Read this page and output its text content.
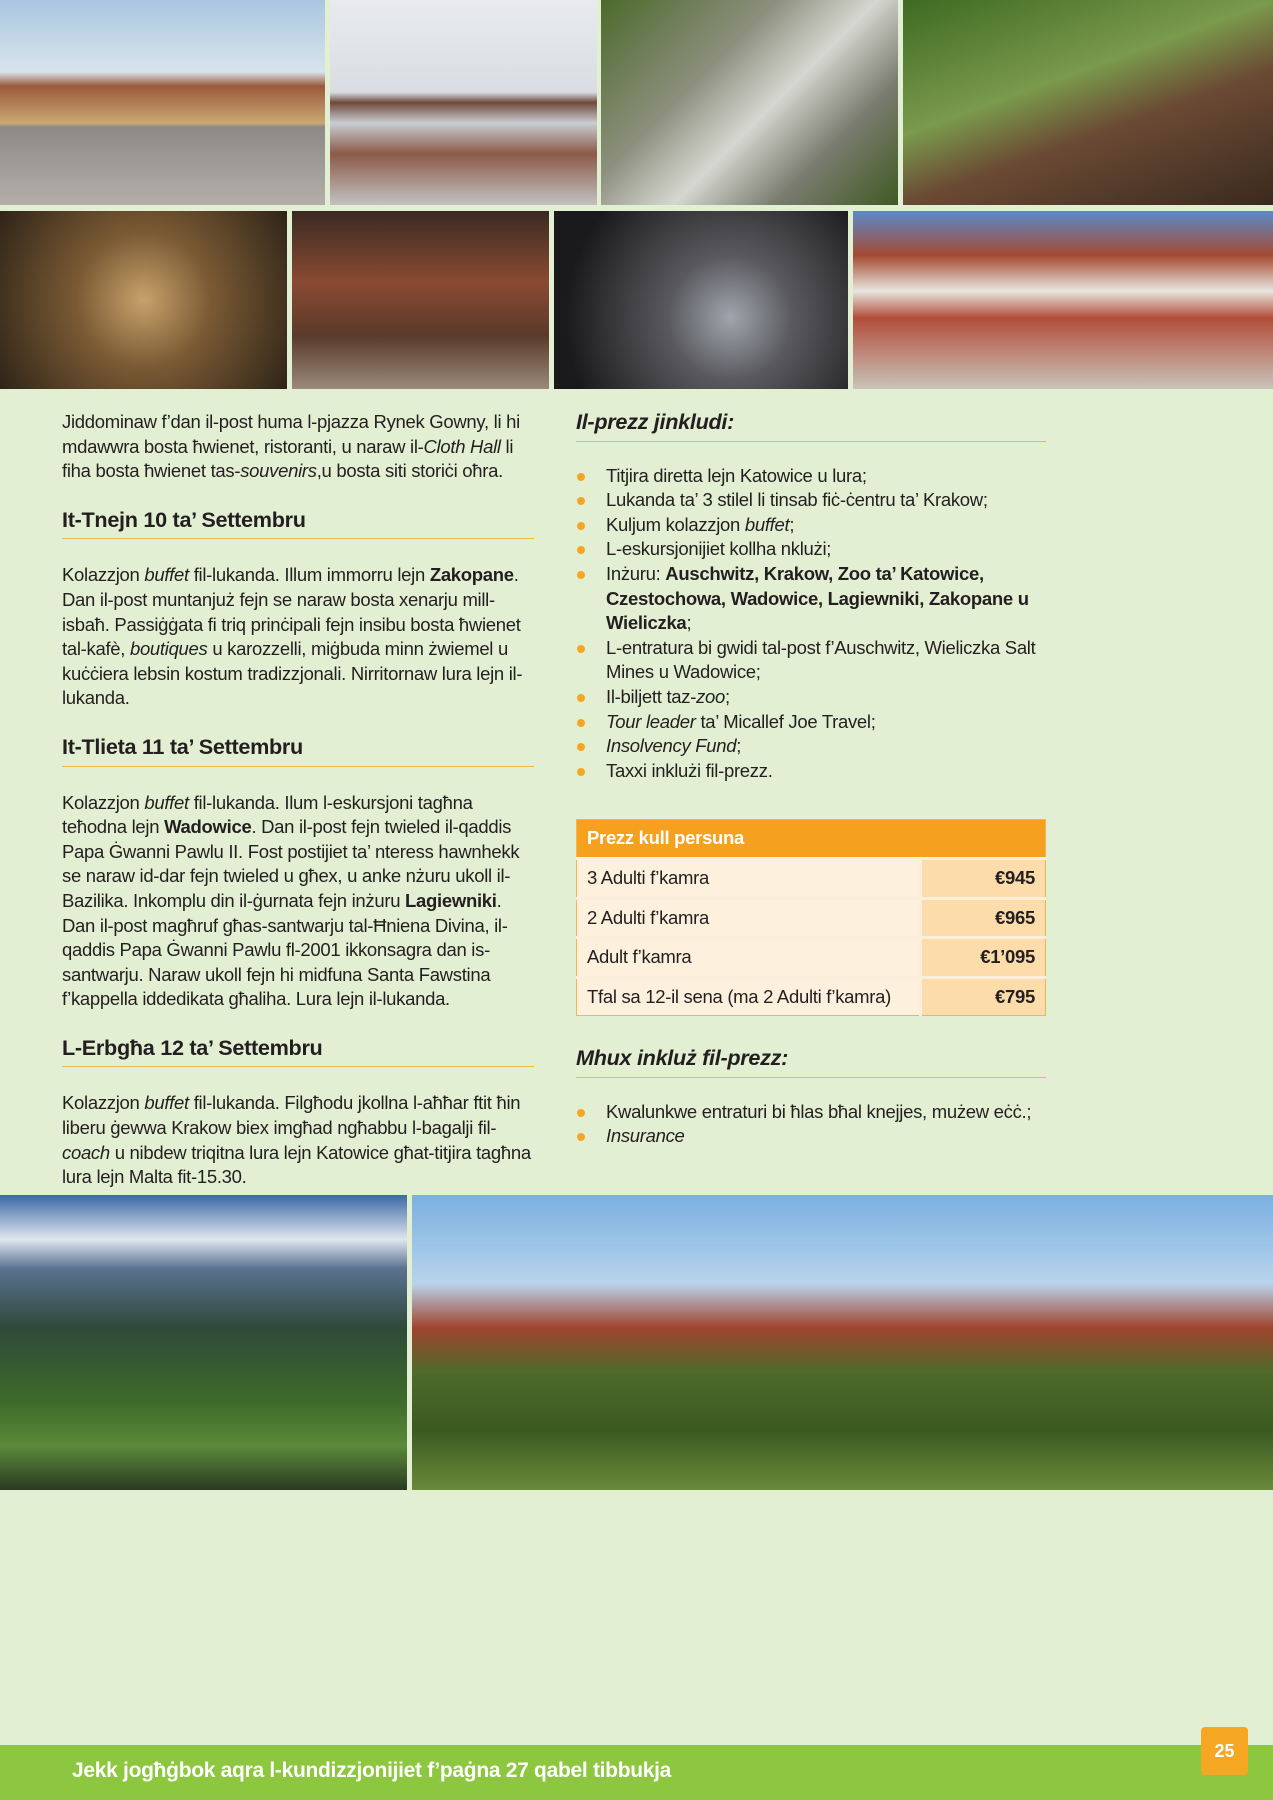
Jiddominaw f’dan il-post huma l-pjazza Rynek Gowny, li hi mdawwra bosta ħwienet, ristoranti, u naraw il-Cloth Hall li fiha bosta ħwienet tas-souvenirs,u bosta siti storiċi oħra.

It-Tnejn 10 ta’ Settembru

Kolazzjon buffet fil-lukanda. Illum immorru lejn Zakopane. Dan il-post muntanjuż fejn se naraw bosta xenarju mill-isbaħ. Passiġġata fi triq prinċipali fejn insibu bosta ħwienet tal-kafè, boutiques u karozzelli, miġbuda minn żwiemel u kuċċiera lebsin kostum tradizzjonali. Nirritornaw lura lejn il-lukanda.

It-Tlieta 11 ta’ Settembru

Kolazzjon buffet fil-lukanda. Ilum l-eskursjoni tagħna teħodna lejn Wadowice. Dan il-post fejn twieled il-qaddis Papa Ġwanni Pawlu II. Fost postijiet ta’ nteress hawnhekk se naraw id-dar fejn twieled u għex, u anke nżuru ukoll il-Bazilika. Inkomplu din il-ġurnata fejn inżuru Lagiewniki. Dan il-post magħruf għas-santwarju tal-Ħniena Divina, il-qaddis Papa Ġwanni Pawlu fl-2001 ikkonsagra dan is-santwarju. Naraw ukoll fejn hi midfuna Santa Fawstina f’kappella iddedikata għaliha. Lura lejn il-lukanda.

L-Erbgħa 12 ta’ Settembru

Kolazzjon buffet fil-lukanda. Filgħodu jkollna l-aħħar ftit ħin liberu ġewwa Krakow biex imgħad ngħabbu l-bagalji fil-coach u nibdew triqitna lura lejn Katowice għat-titjira tagħna lura lejn Malta fit-15.30.

Il-prezz jinkludi:
Titjira diretta lejn Katowice u lura;
Lukanda ta’ 3 stilel li tinsab fiċ-ċentru ta’ Krakow;
Kuljum kolazzjon buffet;
L-eskursjonijiet kollha nklużi;
Inżuru: Auschwitz, Krakow, Zoo ta’ Katowice, Czestochowa, Wadowice, Lagiewniki, Zakopane u Wieliczka;
L-entratura bi gwidi tal-post f’Auschwitz, Wieliczka Salt Mines u Wadowice;
Il-biljett taz-zoo;
Tour leader ta’ Micallef Joe Travel;
Insolvency Fund;
Taxxi inklużi fil-prezz.
Prezz kull persuna	
3 Adulti f’kamra	€945
2 Adulti f’kamra	€965
Adult f’kamra	€1’095
Tfal sa 12-il sena (ma 2 Adulti f’kamra)	€795
Mhux inkluż fil-prezz:
Kwalunkwe entraturi bi ħlas bħal knejjes, mużew eċċ.;
Insurance
Jekk jogħġbok aqra l-kundizzjonijiet f’paġna 27 qabel tibbukja
25
